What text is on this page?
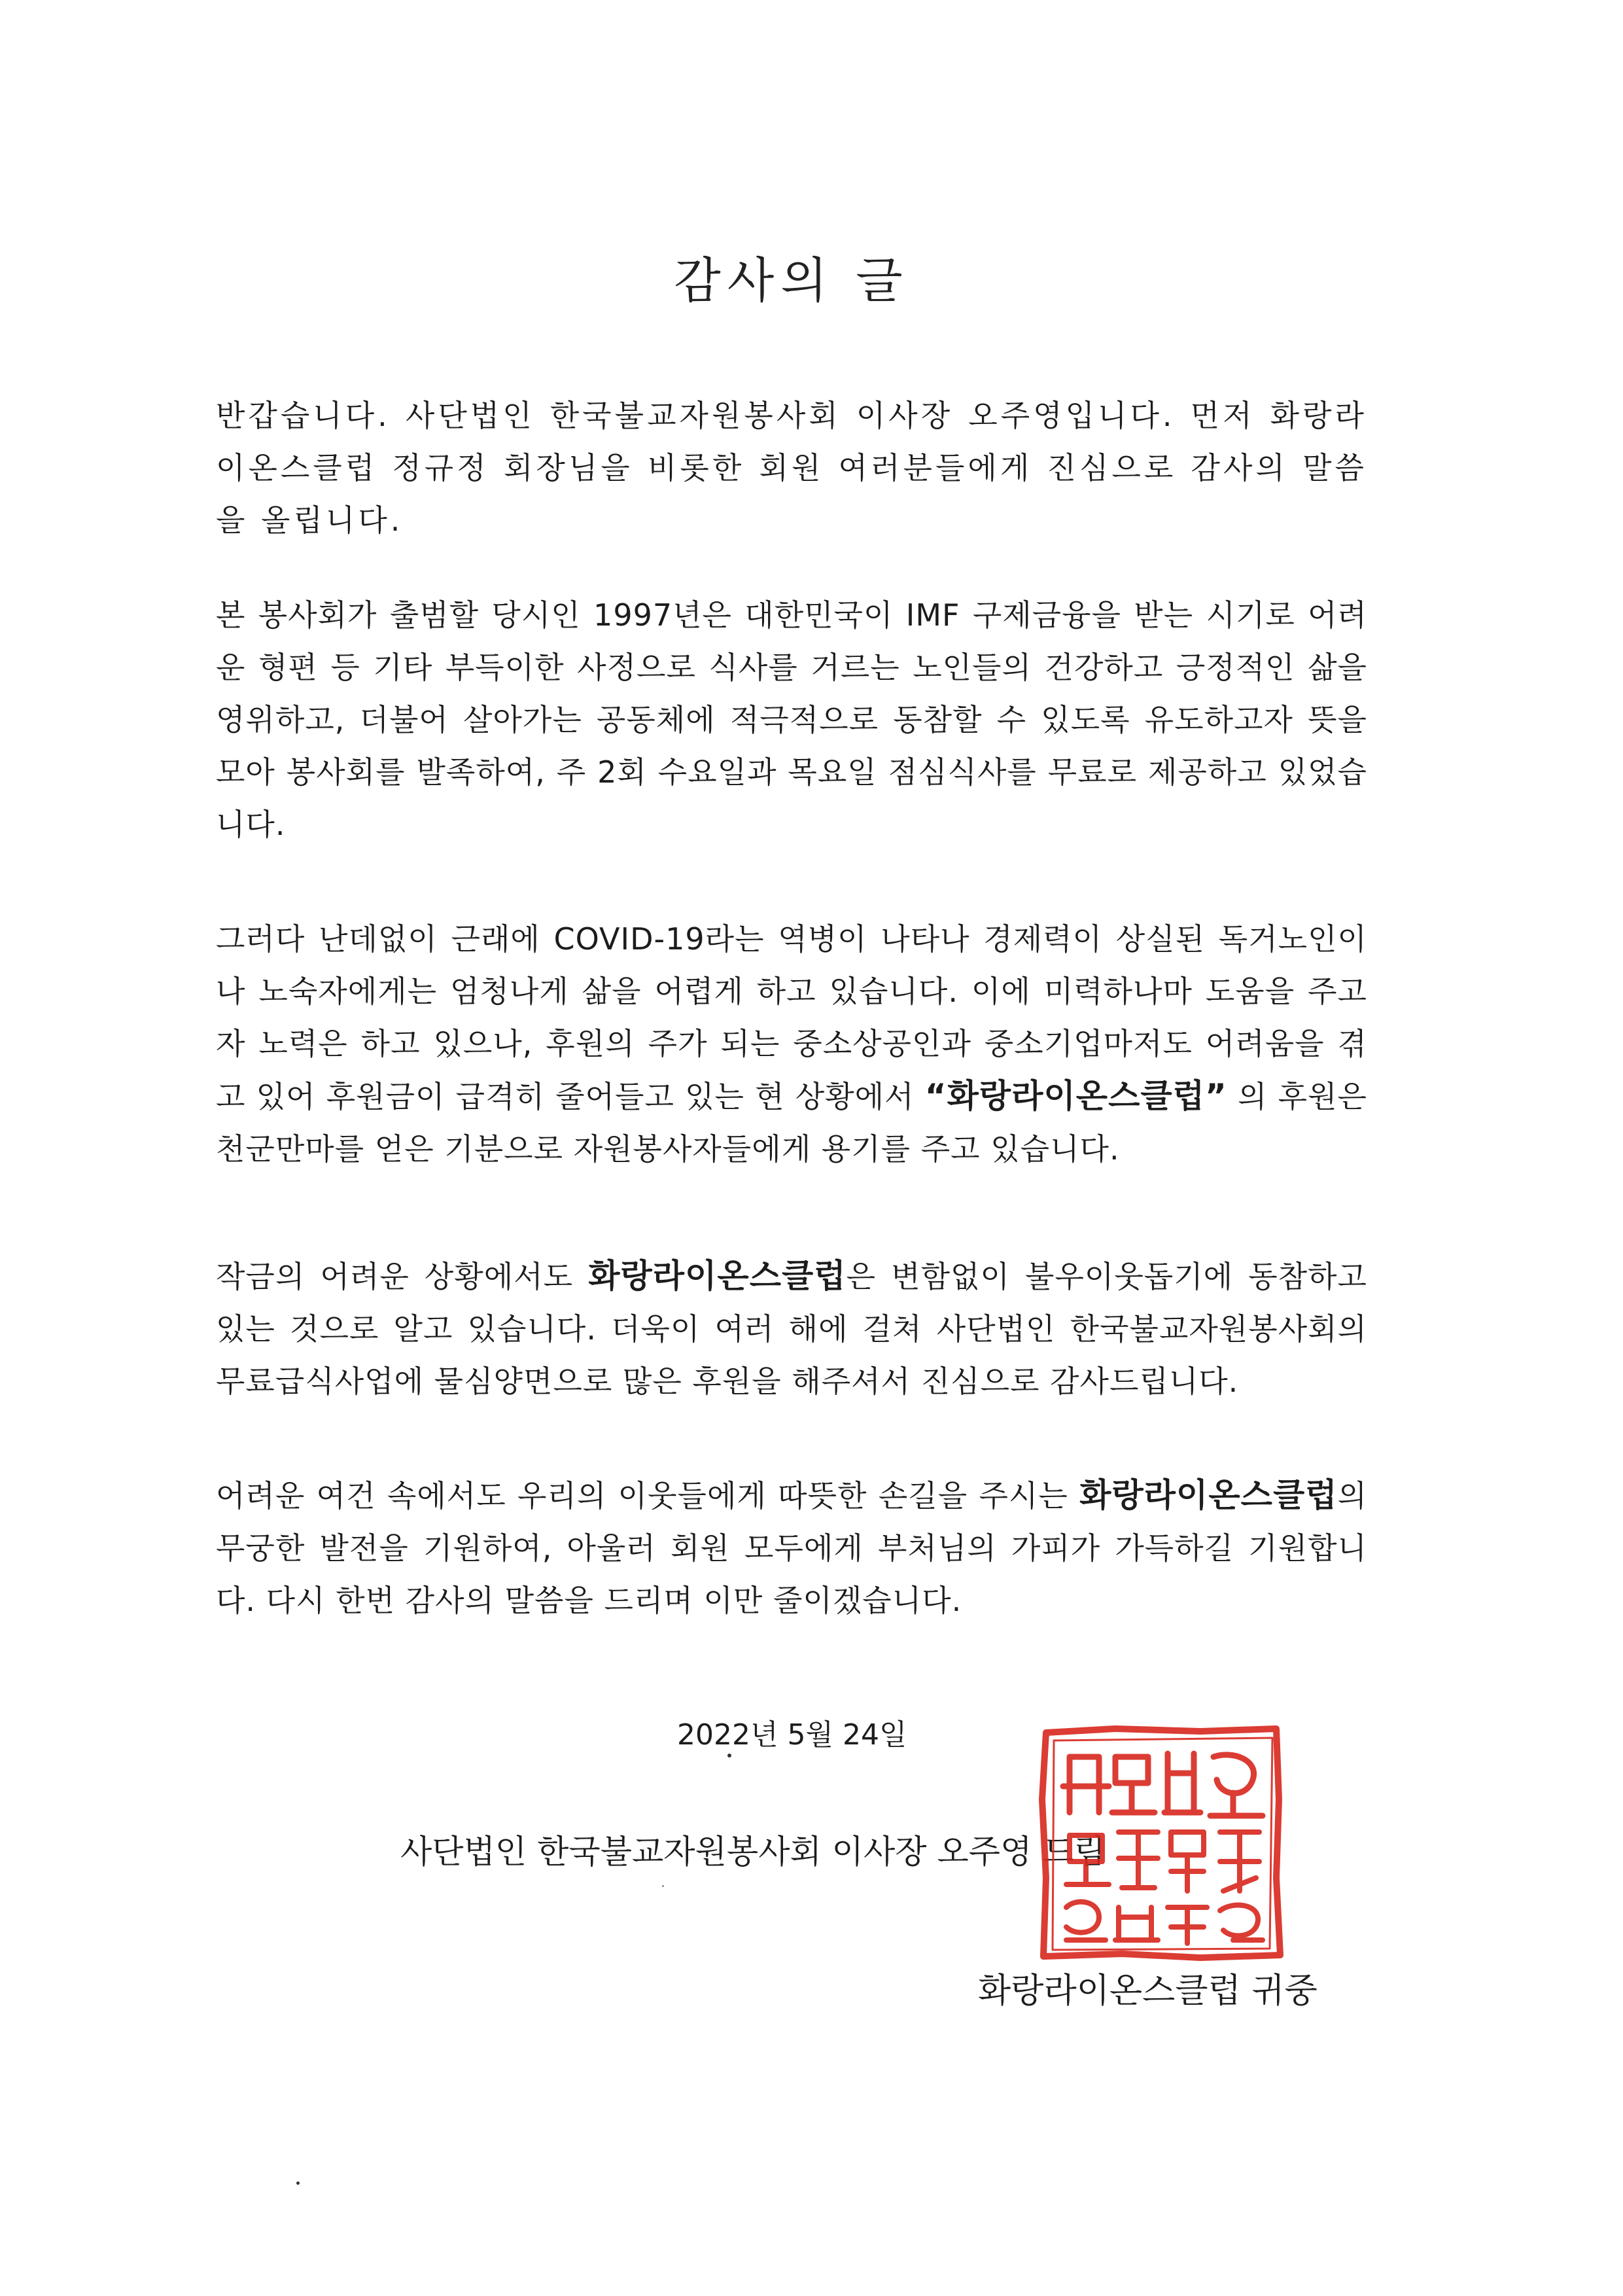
감사의 글

반갑습니다. 사단법인 한국불교자원봉사회 이사장 오주영입니다. 먼저 화랑라이온스클럽 정규정 회장님을 비롯한 회원 여러분들에게 진심으로 감사의 말씀을 올립니다.

본 봉사회가 출범할 당시인 1997년은 대한민국이 IMF 구제금융을 받는 시기로 어려운 형편 등 기타 부득이한 사정으로 식사를 거르는 노인들의 건강하고 긍정적인 삶을 영위하고, 더불어 살아가는 공동체에 적극적으로 동참할 수 있도록 유도하고자 뜻을 모아 봉사회를 발족하여, 주 2회 수요일과 목요일 점심식사를 무료로 제공하고 있었습니다.

그러다 난데없이 근래에 COVID-19라는 역병이 나타나 경제력이 상실된 독거노인이나 노숙자에게는 엄청나게 삶을 어렵게 하고 있습니다. 이에 미력하나마 도움을 주고자 노력은 하고 있으나, 후원의 주가 되는 중소상공인과 중소기업마저도 어려움을 겪고 있어 후원금이 급격히 줄어들고 있는 현 상황에서 “화랑라이온스클럽” 의 후원은 천군만마를 얻은 기분으로 자원봉사자들에게 용기를 주고 있습니다.

작금의 어려운 상황에서도 화랑라이온스클럽은 변함없이 불우이웃돕기에 동참하고 있는 것으로 알고 있습니다. 더욱이 여러 해에 걸쳐 사단법인 한국불교자원봉사회의 무료급식사업에 물심양면으로 많은 후원을 해주셔서 진심으로 감사드립니다.

어려운 여건 속에서도 우리의 이웃들에게 따뜻한 손길을 주시는 화랑라이온스클럽의 무궁한 발전을 기원하여, 아울러 회원 모두에게 부처님의 가피가 가득하길 기원합니다. 다시 한번 감사의 말씀을 드리며 이만 줄이겠습니다.

2022년 5월 24일
사단법인 한국불교자원봉사회 이사장 오주영 드림
화랑라이온스클럽 귀중
